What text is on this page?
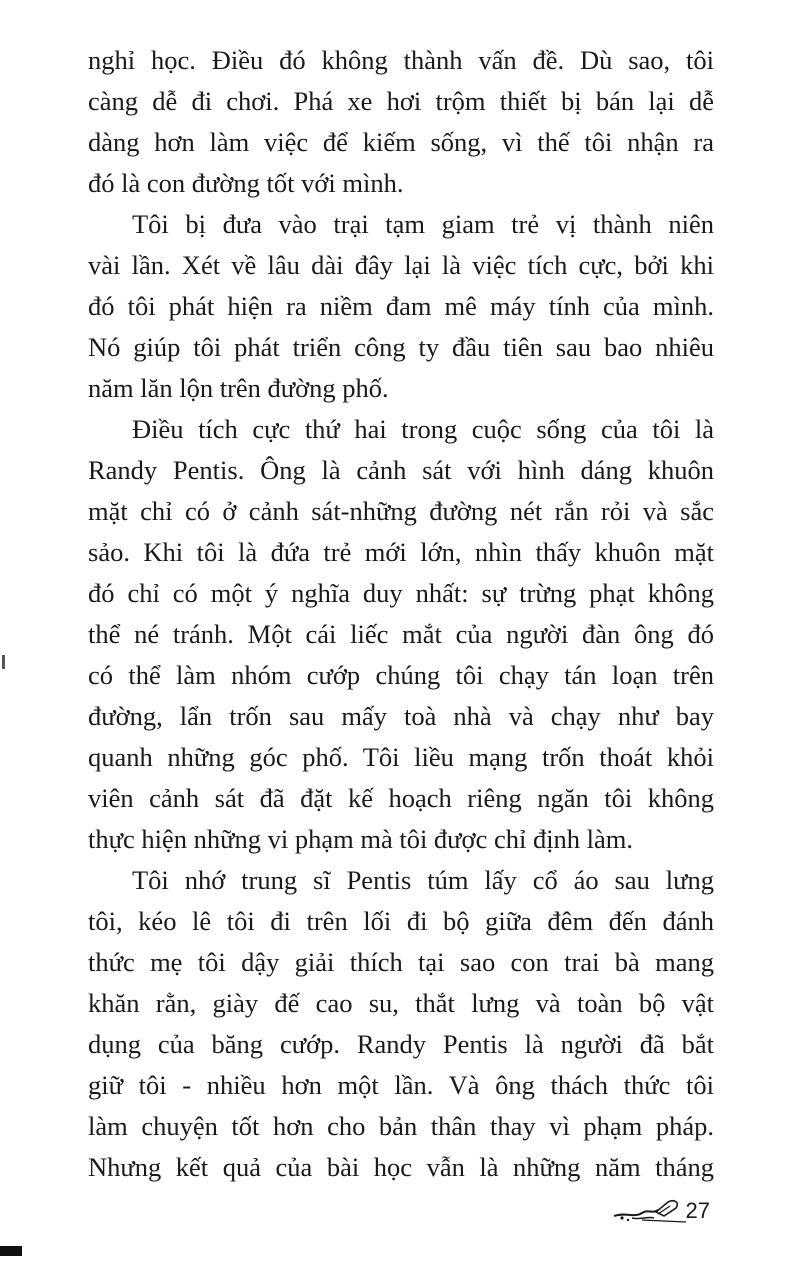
nghỉ học. Điều đó không thành vấn đề. Dù sao, tôi

càng dễ đi chơi. Phá xe hơi trộm thiết bị bán lại dễ

dàng hơn làm việc để kiếm sống, vì thế tôi nhận ra

đó là con đường tốt với mình.

Tôi bị đưa vào trại tạm giam trẻ vị thành niên

vài lần. Xét về lâu dài đây lại là việc tích cực, bởi khi

đó tôi phát hiện ra niềm đam mê máy tính của mình.

Nó giúp tôi phát triển công ty đầu tiên sau bao nhiêu

năm lăn lộn trên đường phố.

Điều tích cực thứ hai trong cuộc sống của tôi là

Randy Pentis. Ông là cảnh sát với hình dáng khuôn

mặt chỉ có ở cảnh sát-những đường nét rắn rỏi và sắc

sảo. Khi tôi là đứa trẻ mới lớn, nhìn thấy khuôn mặt

đó chỉ có một ý nghĩa duy nhất: sự trừng phạt không

thể né tránh. Một cái liếc mắt của người đàn ông đó

có thể làm nhóm cướp chúng tôi chạy tán loạn trên

đường, lẩn trốn sau mấy toà nhà và chạy như bay

quanh những góc phố. Tôi liều mạng trốn thoát khỏi

viên cảnh sát đã đặt kế hoạch riêng ngăn tôi không

thực hiện những vi phạm mà tôi được chỉ định làm.

Tôi nhớ trung sĩ Pentis túm lấy cổ áo sau lưng

tôi, kéo lê tôi đi trên lối đi bộ giữa đêm đến đánh

thức mẹ tôi dậy giải thích tại sao con trai bà mang

khăn rằn, giày đế cao su, thắt lưng và toàn bộ vật

dụng của băng cướp. Randy Pentis là người đã bắt

giữ tôi - nhiều hơn một lần. Và ông thách thức tôi

làm chuyện tốt hơn cho bản thân thay vì phạm pháp.

Nhưng kết quả của bài học vẫn là những năm tháng

27
